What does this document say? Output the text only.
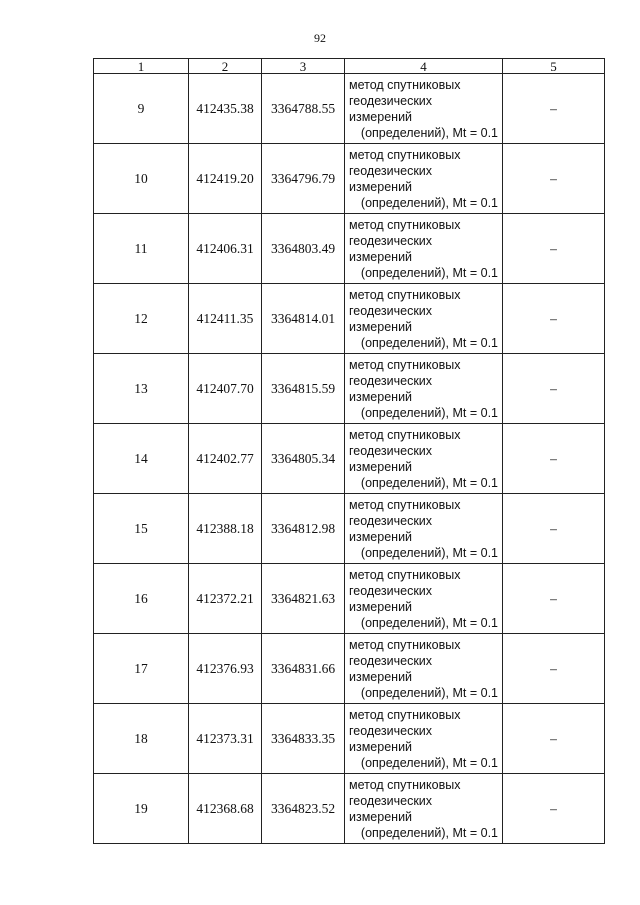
92
1	2	3	4	5
9	412435.38	3364788.55	метод спутниковых
геодезических
измерений
(определений), Mt = 0.1	–
10	412419.20	3364796.79	метод спутниковых
геодезических
измерений
(определений), Mt = 0.1	–
11	412406.31	3364803.49	метод спутниковых
геодезических
измерений
(определений), Mt = 0.1	–
12	412411.35	3364814.01	метод спутниковых
геодезических
измерений
(определений), Mt = 0.1	–
13	412407.70	3364815.59	метод спутниковых
геодезических
измерений
(определений), Mt = 0.1	–
14	412402.77	3364805.34	метод спутниковых
геодезических
измерений
(определений), Mt = 0.1	–
15	412388.18	3364812.98	метод спутниковых
геодезических
измерений
(определений), Mt = 0.1	–
16	412372.21	3364821.63	метод спутниковых
геодезических
измерений
(определений), Mt = 0.1	–
17	412376.93	3364831.66	метод спутниковых
геодезических
измерений
(определений), Mt = 0.1	–
18	412373.31	3364833.35	метод спутниковых
геодезических
измерений
(определений), Mt = 0.1	–
19	412368.68	3364823.52	метод спутниковых
геодезических
измерений
(определений), Mt = 0.1	–
